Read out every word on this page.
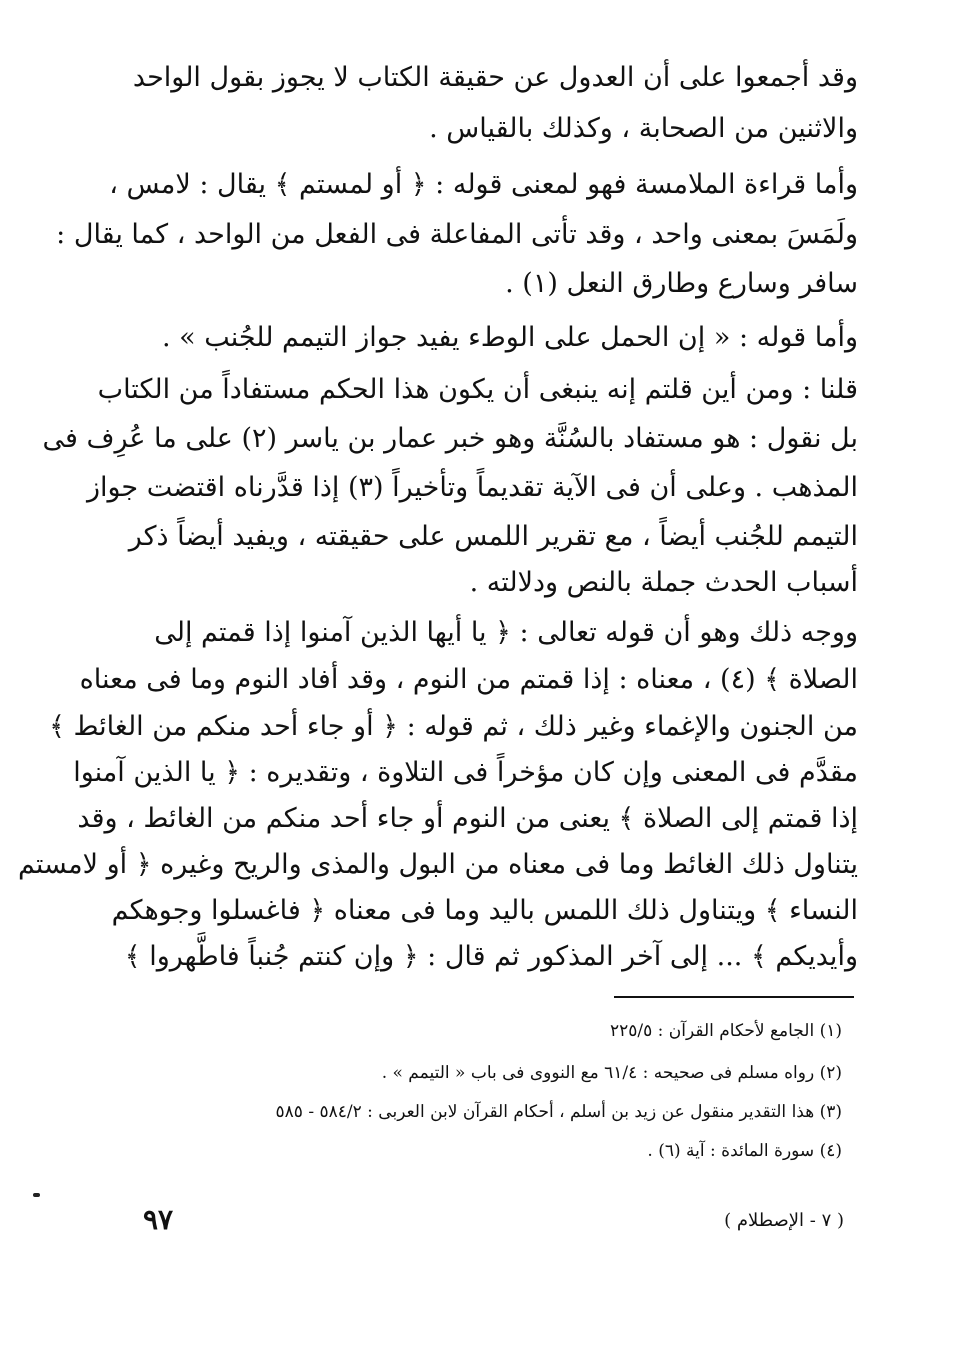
وقد أجمعوا على أن العدول عن حقيقة الكتاب لا يجوز بقول الواحد
والاثنين من الصحابة ، وكذلك بالقياس .
وأما قراءة الملامسة فهو لمعنى قوله : ﴿ أو لمستم ﴾ يقال : لامس ،
ولَمَسَ بمعنى واحد ، وقد تأتى المفاعلة فى الفعل من الواحد ، كما يقال :
سافر وسارع وطارق النعل (١) .
وأما قوله : « إن الحمل على الوطء يفيد جواز التيمم للجُنب » .
قلنا : ومن أين قلتم إنه ينبغى أن يكون هذا الحكم مستفاداً من الكتاب
بل نقول : هو مستفاد بالسُنَّة وهو خبر عمار بن ياسر (٢) على ما عُرِف فى
المذهب . وعلى أن فى الآية تقديماً وتأخيراً (٣) إذا قدَّرناه اقتضت جواز
التيمم للجُنب أيضاً ، مع تقرير اللمس على حقيقته ، ويفيد أيضاً ذكر
أسباب الحدث جملة بالنص ودلالته .
ووجه ذلك وهو أن قوله تعالى : ﴿ يا أيها الذين آمنوا إذا قمتم إلى
الصلاة ﴾ (٤) ، معناه : إذا قمتم من النوم ، وقد أفاد النوم وما فى معناه
من الجنون والإغماء وغير ذلك ، ثم قوله : ﴿ أو جاء أحد منكم من الغائط ﴾
مقدَّم فى المعنى وإن كان مؤخراً فى التلاوة ، وتقديره : ﴿ يا الذين آمنوا
إذا قمتم إلى الصلاة ﴾ يعنى من النوم أو جاء أحد منكم من الغائط ، وقد
يتناول ذلك الغائط وما فى معناه من البول والمذى والريح وغيره ﴿ أو لامستم
النساء ﴾ ويتناول ذلك اللمس باليد وما فى معناه ﴿ فاغسلوا وجوهكم
وأيديكم ﴾ ... إلى آخر المذكور ثم قال : ﴿ وإن كنتم جُنباً فاطَّهروا ﴾
(١) الجامع لأحكام القرآن : ٢٢٥/٥
(٢) رواه مسلم فى صحيحه : ٦١/٤ مع النووى فى باب « التيمم » .
(٣) هذا التقدير منقول عن زيد بن أسلم ، أحكام القرآن لابن العربى : ٥٨٤/٢ - ٥٨٥
(٤) سورة المائدة : آية (٦) .
٩٧	( ٧ - الإصطلام )
